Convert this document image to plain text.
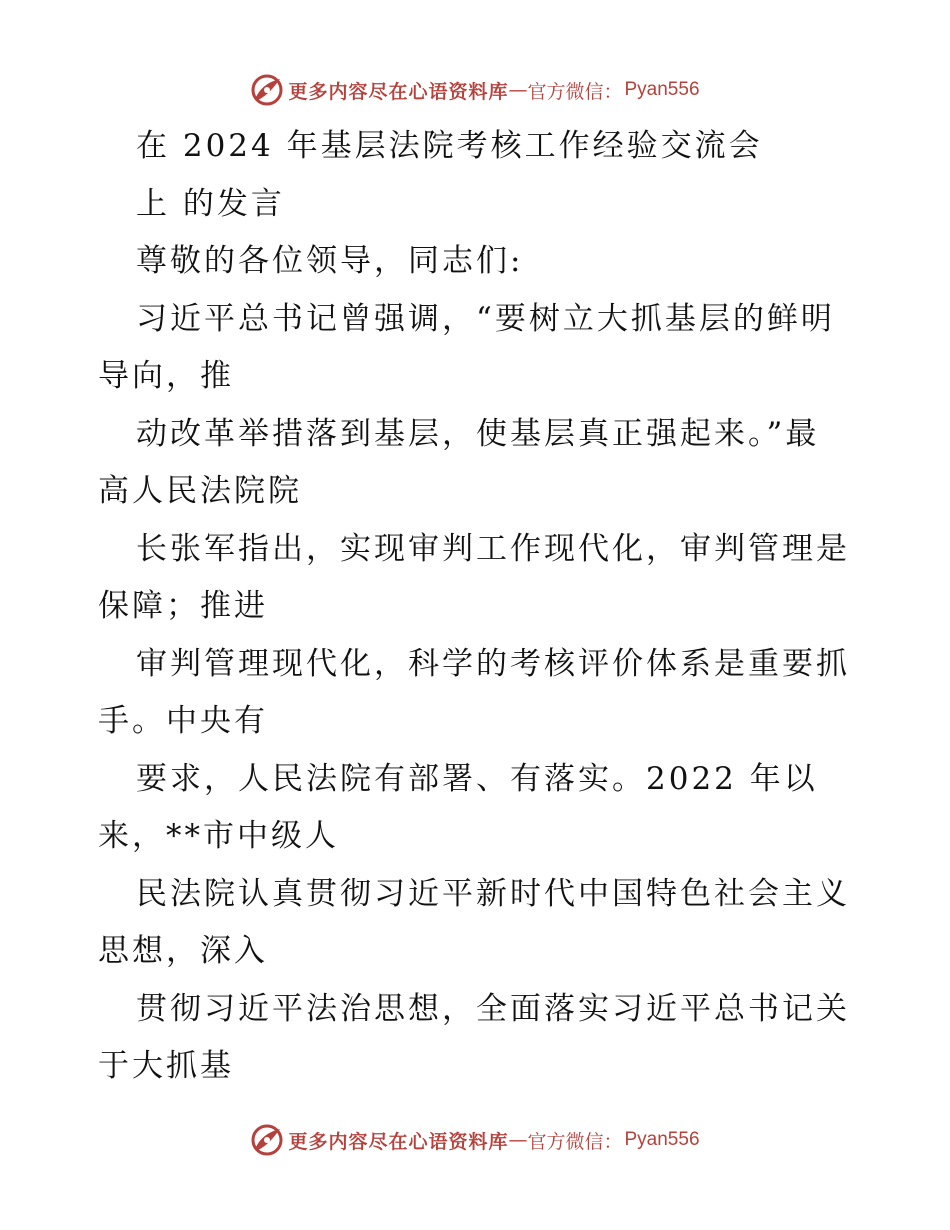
更多内容尽在心语资料库 — 官方微信： Pyan556
在 2024 年基层法院考核工作经验交流会
上 的发言
尊敬的各位领导，同志们:
习近平总书记曾强调，“要树立大抓基层的鲜明
导向，推
动改革举措落到基层，使基层真正强起来。”最
高人民法院院
长张军指出，实现审判工作现代化，审判管理是
保障；推进
审判管理现代化，科学的考核评价体系是重要抓
手。中央有
要求，人民法院有部署、有落实。2022 年以
来，**市中级人
民法院认真贯彻习近平新时代中国特色社会主义
思想，深入
贯彻习近平法治思想，全面落实习近平总书记关
于大抓基
更多内容尽在心语资料库 — 官方微信： Pyan556
